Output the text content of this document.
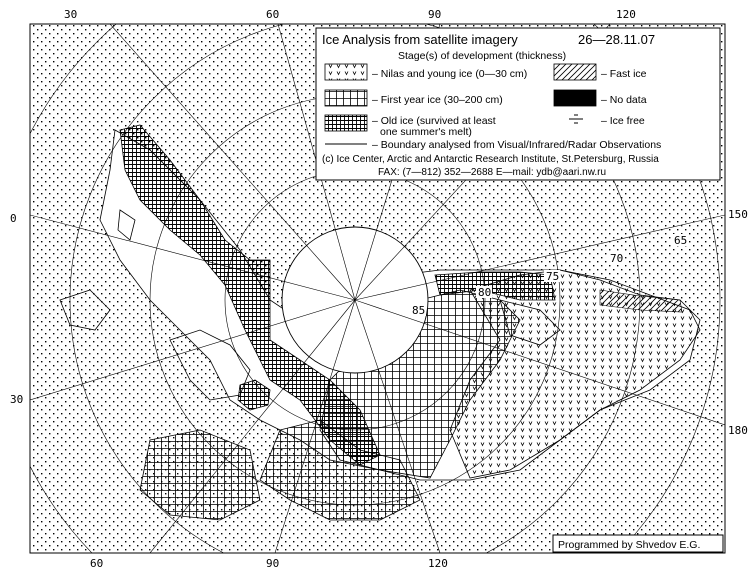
30	60	90	120
0
30
150
180
60	90	120
85
80
75
70
65
Ice Analysis from satellite imagery	26—28.11.07
Stage(s) of development (thickness)
– Nilas and young ice (0—30 cm)	– Fast ice
– First year ice (30–200 cm)	– No data
– Old ice (survived at least
one summer's melt)
– Ice free
– Boundary analysed from Visual/Infrared/Radar Observations
(c) Ice Center, Arctic and Antarctic Research Institute, St.Petersburg, Russia
FAX: (7—812) 352—2688 E—mail: ydb@aari.nw.ru
Programmed by Shvedov E.G.
